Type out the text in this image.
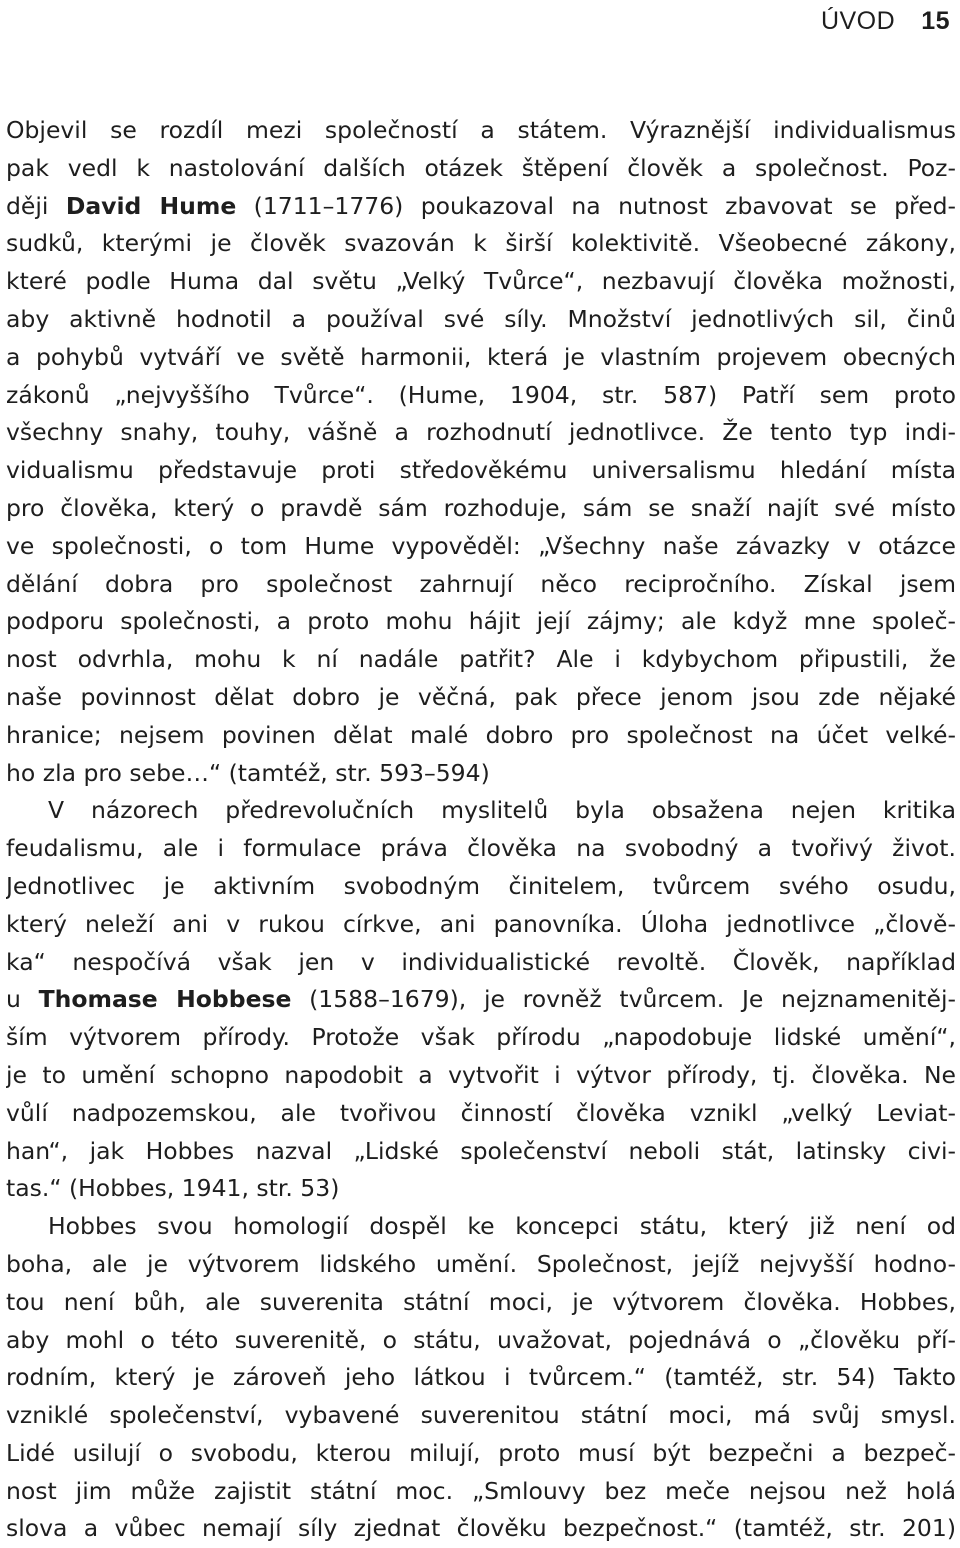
ÚVOD 15
Objevil se rozdíl mezi společností a státem. Výraznější individualismus
pak vedl k nastolování dalších otázek štěpení člověk a společnost. Poz-
ději David Hume (1711–1776) poukazoval na nutnost zbavovat se před-
sudků, kterými je člověk svazován k širší kolektivitě. Všeobecné zákony,
které podle Huma dal světu „Velký Tvůrce“, nezbavují člověka možnosti,
aby aktivně hodnotil a používal své síly. Množství jednotlivých sil, činů
a pohybů vytváří ve světě harmonii, která je vlastním projevem obecných
zákonů „nejvyššího Tvůrce“. (Hume, 1904, str. 587) Patří sem proto
všechny snahy, touhy, vášně a rozhodnutí jednotlivce. Že tento typ indi-
vidualismu představuje proti středověkému universalismu hledání místa
pro člověka, který o pravdě sám rozhoduje, sám se snaží najít své místo
ve společnosti, o tom Hume vypověděl: „Všechny naše závazky v otázce
dělání dobra pro společnost zahrnují něco recipročního. Získal jsem
podporu společnosti, a proto mohu hájit její zájmy; ale když mne společ-
nost odvrhla, mohu k ní nadále patřit? Ale i kdybychom připustili, že
naše povinnost dělat dobro je věčná, pak přece jenom jsou zde nějaké
hranice; nejsem povinen dělat malé dobro pro společnost na účet velké-
ho zla pro sebe…“ (tamtéž, str. 593–594)
V názorech předrevolučních myslitelů byla obsažena nejen kritika
feudalismu, ale i formulace práva člověka na svobodný a tvořivý život.
Jednotlivec je aktivním svobodným činitelem, tvůrcem svého osudu,
který neleží ani v rukou církve, ani panovníka. Úloha jednotlivce „člově-
ka“ nespočívá však jen v individualistické revoltě. Člověk, například
u Thomase Hobbese (1588–1679), je rovněž tvůrcem. Je nejznamenitěj-
ším výtvorem přírody. Protože však přírodu „napodobuje lidské umění“,
je to umění schopno napodobit a vytvořit i výtvor přírody, tj. člověka. Ne
vůlí nadpozemskou, ale tvořivou činností člověka vznikl „velký Leviat-
han“, jak Hobbes nazval „Lidské společenství neboli stát, latinsky civi-
tas.“ (Hobbes, 1941, str. 53)
Hobbes svou homologií dospěl ke koncepci státu, který již není od
boha, ale je výtvorem lidského umění. Společnost, jejíž nejvyšší hodno-
tou není bůh, ale suverenita státní moci, je výtvorem člověka. Hobbes,
aby mohl o této suverenitě, o státu, uvažovat, pojednává o „člověku pří-
rodním, který je zároveň jeho látkou i tvůrcem.“ (tamtéž, str. 54) Takto
vzniklé společenství, vybavené suverenitou státní moci, má svůj smysl.
Lidé usilují o svobodu, kterou milují, proto musí být bezpečni a bezpeč-
nost jim může zajistit státní moc. „Smlouvy bez meče nejsou než holá
slova a vůbec nemají síly zjednat člověku bezpečnost.“ (tamtéž, str. 201)
